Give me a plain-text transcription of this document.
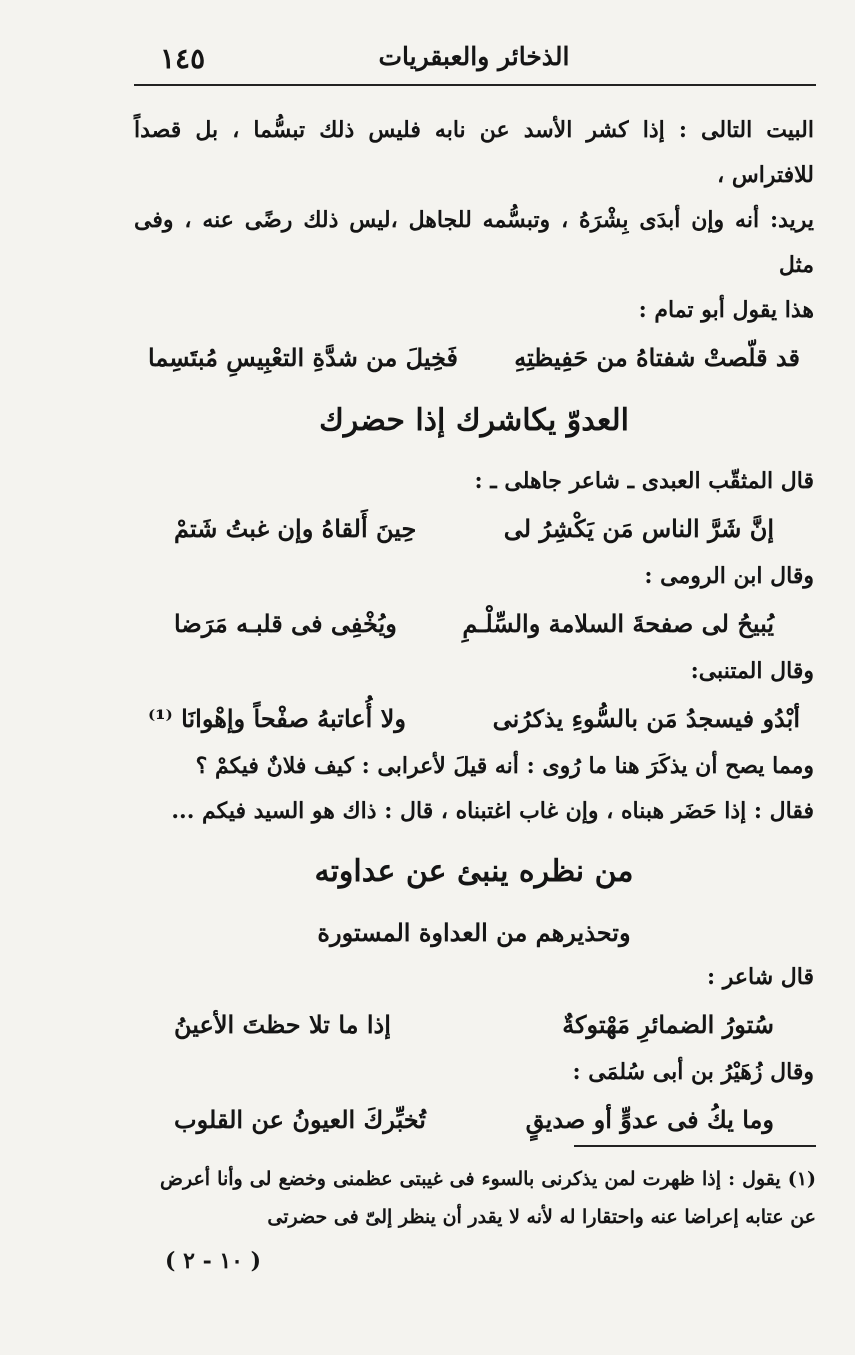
١٤٥	الذخائر والعبقريات

البيت التالى : إذا كشر الأسد عن نابه فليس ذلك تبسُّما ، بل قصداً للافتراس ،

يريد: أنه وإن أبدَى بِشْرَهُ ، وتبسُّمه للجاهل ،ليس ذلك رضًى عنه ، وفى مثل

هذا يقول أبو تمام :

قد قلّصتْ شفتاهُ من حَفِيظتِهِ
فَخِيلَ من شدَّةِ التعْبِيسِ مُبتَسِما
العدوّ يكاشرك إذا حضرك

قال المثقّب العبدى ـ شاعر جاهلى ـ :

إنَّ شَرَّ الناس مَن يَكْشِرُ لى
حِينَ أَلقاهُ وإن غبتُ شَتمْ

وقال ابن الرومى :

يُبيحُ لى صفحةَ السلامة والسِّلْـمِ
ويُخْفِى فى قلبـه مَرَضا

وقال المتنبى:

أبْدُو فيسجدُ مَن بالسُّوءِ يذكرُنى
ولا أُعاتبهُ صفْحاً وإهْوانَا ⁽¹⁾

ومما يصح أن يذكَرَ هنا ما رُوى : أنه قيلَ لأعرابى : كيف فلانٌ فيكمْ ؟

فقال : إذا حَضَر هبناه ، وإن غاب اغتبناه ، قال : ذاك هو السيد فيكم ...

من نظره ينبئ عن عداوته
وتحذيرهم من العداوة المستورة

قال شاعر :

سُتورُ الضمائرِ مَهْتوكةٌ
إذا ما تلا حظتَ الأعينُ

وقال زُهَيْرُ بن أبى سُلمَى :

وما يكُ فى عدوٍّ أو صديقٍ
تُخبِّركَ العيونُ عن القلوب
(١) يقول : إذا ظهرت لمن يذكرنى بالسوء فى غيبتى عظمنى وخضع لى وأنا أعرض عن عتابه إعراضا عنه واحتقارا له لأنه لا يقدر أن ينظر إلىّ فى حضرتى
( ١٠ - ٢ )
